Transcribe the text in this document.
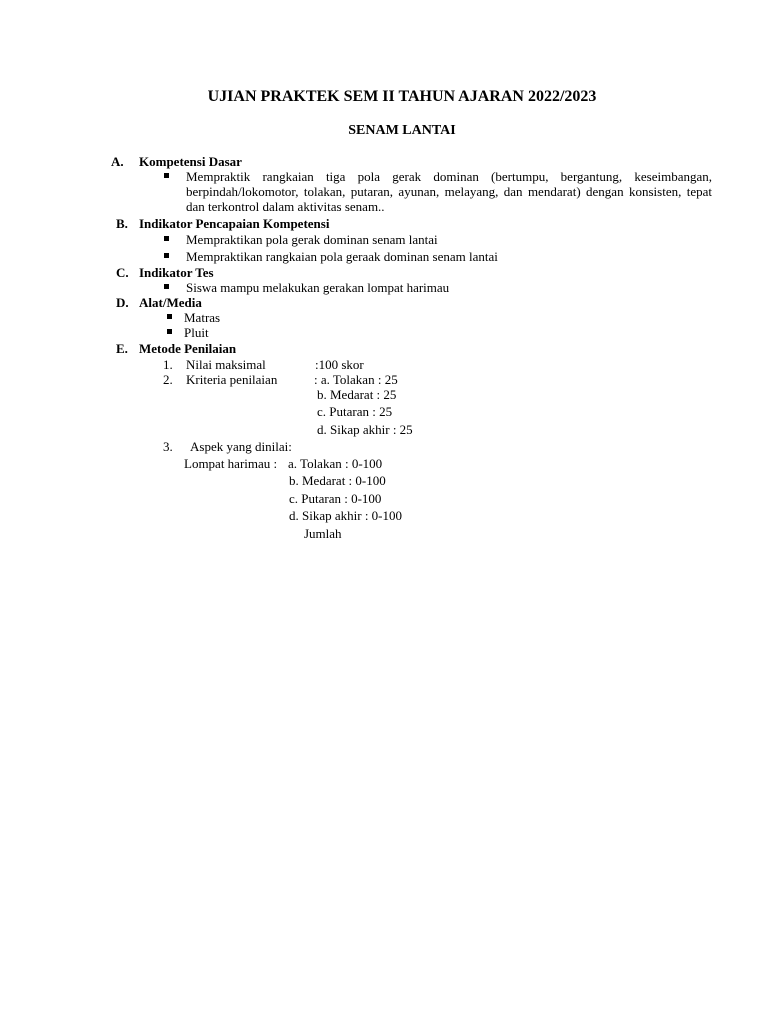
UJIAN PRAKTEK SEM II TAHUN AJARAN 2022/2023
SENAM LANTAI
A. Kompetensi Dasar
Mempraktik rangkaian tiga pola gerak dominan (bertumpu, bergantung, keseimbangan, berpindah/lokomotor, tolakan, putaran, ayunan, melayang, dan mendarat) dengan konsisten, tepat dan terkontrol dalam aktivitas senam..
B. Indikator Pencapaian Kompetensi
Mempraktikan pola gerak dominan senam lantai
Mempraktikan rangkaian pola geraak dominan senam lantai
C. Indikator Tes
Siswa mampu melakukan gerakan lompat harimau
D. Alat/Media
Matras
Pluit
E. Metode Penilaian
1. Nilai maksimal	:100 skor
2. Kriteria penilaian	: a. Tolakan : 25
b. Medarat : 25
c. Putaran : 25
d. Sikap akhir : 25
3. Aspek yang dinilai:
Lompat harimau : a. Tolakan : 0-100
b. Medarat : 0-100
c. Putaran : 0-100
d. Sikap akhir : 0-100
Jumlah
